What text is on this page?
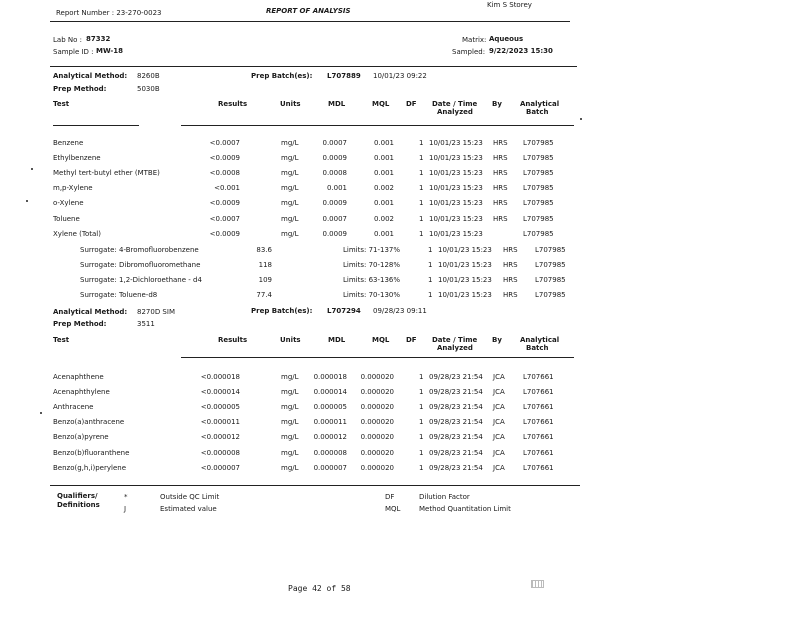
Report Number : 23-270-0023	REPORT OF ANALYSIS
Kim S Storey
Lab No : 87332
Sample ID : MW-18
Matrix: Aqueous
Sampled: 9/22/2023 15:30
Analytical Method: 8260B	Prep Batch(es): L707889 10/01/23 09:22
Prep Method:	5030B
Test	Results	Units	MDL	MQL DF Date / Time
Analyzed
By	Analytical
Batch
Benzene	<0.0007	mg/L	0.0007	0.001	1 10/01/23 15:23 HRS L707985
Ethylbenzene	<0.0009	mg/L	0.0009	0.001	1 10/01/23 15:23 HRS L707985
Methyl tert-butyl ether (MTBE)	<0.0008	mg/L	0.0008	0.001	1 10/01/23 15:23 HRS L707985
m,p-Xylene	<0.001	mg/L	0.001	0.002	1 10/01/23 15:23 HRS L707985
o-Xylene	<0.0009	mg/L	0.0009	0.001	1 10/01/23 15:23 HRS L707985
Toluene	<0.0007	mg/L	0.0007	0.002	1 10/01/23 15:23 HRS L707985
Xylene (Total)	<0.0009	mg/L	0.0009	0.001	1 10/01/23 15:23	L707985
Surrogate: 4-Bromofluorobenzene	83.6	Limits: 71-137%	1 10/01/23 15:23 HRS L707985
Surrogate: Dibromofluoromethane	118	Limits: 70-128%	1 10/01/23 15:23 HRS L707985
Surrogate: 1,2-Dichloroethane - d4	109	Limits: 63-136%	1 10/01/23 15:23 HRS L707985
Surrogate: Toluene-d8	77.4	Limits: 70-130%	1 10/01/23 15:23 HRS L707985
Analytical Method: 8270D SIM	Prep Batch(es): L707294 09/28/23 09:11
Prep Method:	3511
Test	Results	Units	MDL	MQL DF Date / Time
Analyzed
By	Analytical
Batch
Acenaphthene	<0.000018	mg/L 0.000018 0.000020	1 09/28/23 21:54 JCA	L707661
Acenaphthylene	<0.000014	mg/L 0.000014 0.000020	1 09/28/23 21:54 JCA	L707661
Anthracene	<0.000005	mg/L 0.000005 0.000020	1 09/28/23 21:54 JCA	L707661
Benzo(a)anthracene	<0.000011	mg/L 0.000011 0.000020	1 09/28/23 21:54 JCA	L707661
Benzo(a)pyrene	<0.000012	mg/L 0.000012 0.000020	1 09/28/23 21:54 JCA	L707661
Benzo(b)fluoranthene	<0.000008	mg/L 0.000008 0.000020	1 09/28/23 21:54 JCA	L707661
Benzo(g,h,i)perylene	<0.000007	mg/L 0.000007 0.000020	1 09/28/23 21:54 JCA	L707661
Qualifiers/
Definitions
*	Outside QC Limit
J	Estimated value
DF	Dilution Factor
MQL	Method Quantitation Limit
Page 42 of 58
